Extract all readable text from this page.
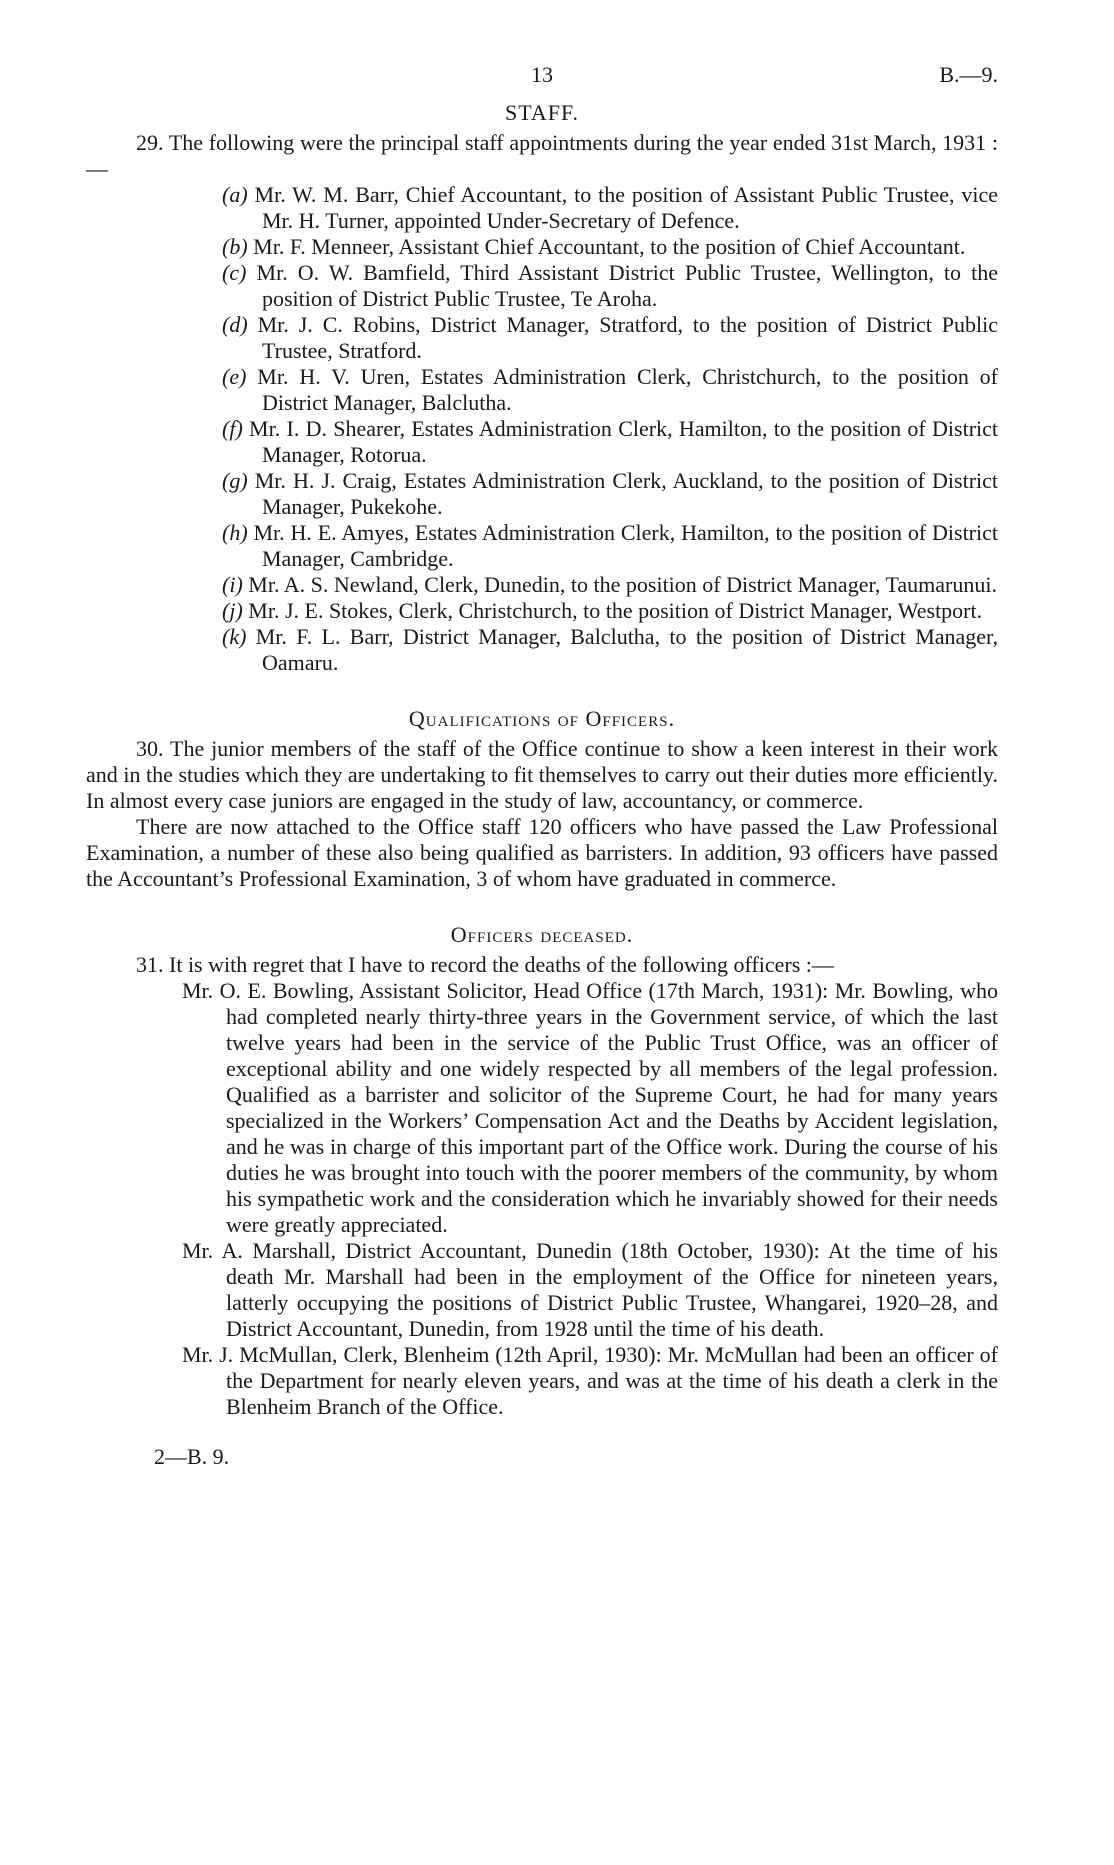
13	B.—9.
STAFF.

29. The following were the principal staff appointments during the year ended 31st March, 1931 :—

(a) Mr. W. M. Barr, Chief Accountant, to the position of Assistant Public Trustee, vice Mr. H. Turner, appointed Under-Secretary of Defence.
(b) Mr. F. Menneer, Assistant Chief Accountant, to the position of Chief Accountant.
(c) Mr. O. W. Bamfield, Third Assistant District Public Trustee, Wellington, to the position of District Public Trustee, Te Aroha.
(d) Mr. J. C. Robins, District Manager, Stratford, to the position of District Public Trustee, Stratford.
(e) Mr. H. V. Uren, Estates Administration Clerk, Christchurch, to the position of District Manager, Balclutha.
(f) Mr. I. D. Shearer, Estates Administration Clerk, Hamilton, to the position of District Manager, Rotorua.
(g) Mr. H. J. Craig, Estates Administration Clerk, Auckland, to the position of District Manager, Pukekohe.
(h) Mr. H. E. Amyes, Estates Administration Clerk, Hamilton, to the position of District Manager, Cambridge.
(i) Mr. A. S. Newland, Clerk, Dunedin, to the position of District Manager, Taumarunui.
(j) Mr. J. E. Stokes, Clerk, Christchurch, to the position of District Manager, Westport.
(k) Mr. F. L. Barr, District Manager, Balclutha, to the position of District Manager, Oamaru.
Qualifications of Officers.

30. The junior members of the staff of the Office continue to show a keen interest in their work and in the studies which they are undertaking to fit themselves to carry out their duties more efficiently. In almost every case juniors are engaged in the study of law, accountancy, or commerce.

There are now attached to the Office staff 120 officers who have passed the Law Professional Examination, a number of these also being qualified as barristers. In addition, 93 officers have passed the Accountant’s Professional Examination, 3 of whom have graduated in commerce.

Officers deceased.

31. It is with regret that I have to record the deaths of the following officers :—

Mr. O. E. Bowling, Assistant Solicitor, Head Office (17th March, 1931): Mr. Bowling, who had completed nearly thirty-three years in the Government service, of which the last twelve years had been in the service of the Public Trust Office, was an officer of exceptional ability and one widely respected by all members of the legal profession. Qualified as a barrister and solicitor of the Supreme Court, he had for many years specialized in the Workers’ Compensation Act and the Deaths by Accident legislation, and he was in charge of this important part of the Office work. During the course of his duties he was brought into touch with the poorer members of the community, by whom his sympathetic work and the consideration which he invariably showed for their needs were greatly appreciated.
Mr. A. Marshall, District Accountant, Dunedin (18th October, 1930): At the time of his death Mr. Marshall had been in the employment of the Office for nineteen years, latterly occupying the positions of District Public Trustee, Whangarei, 1920–28, and District Accountant, Dunedin, from 1928 until the time of his death.
Mr. J. McMullan, Clerk, Blenheim (12th April, 1930): Mr. McMullan had been an officer of the Department for nearly eleven years, and was at the time of his death a clerk in the Blenheim Branch of the Office.
2—B. 9.
